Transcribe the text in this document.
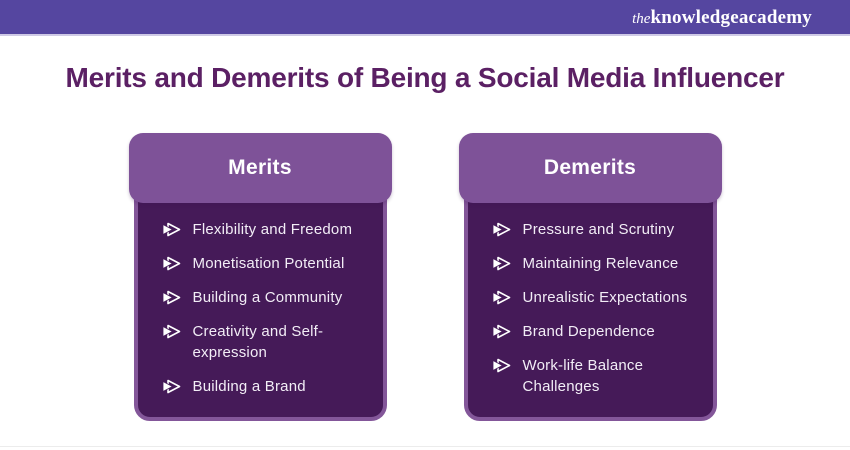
theknowledgeacademy
Merits and Demerits of Being a Social Media Influencer
Merits
Flexibility and Freedom
Monetisation Potential
Building a Community
Creativity and Self-expression
Building a Brand
Demerits
Pressure and Scrutiny
Maintaining Relevance
Unrealistic Expectations
Brand Dependence
Work-life Balance Challenges
